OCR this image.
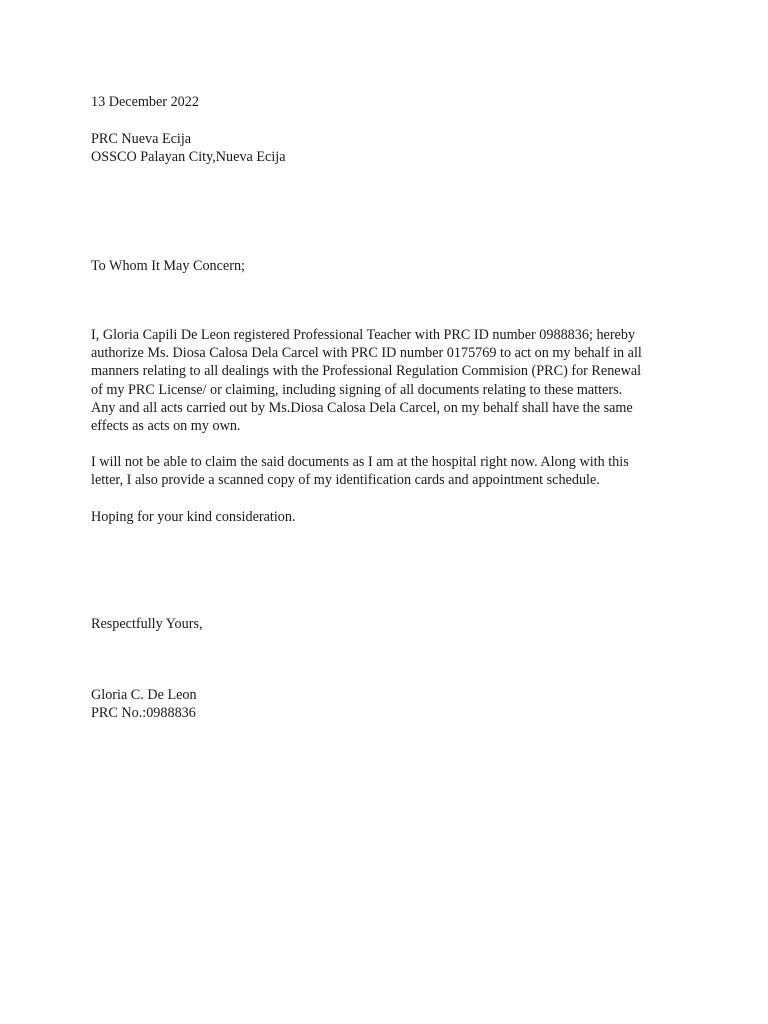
13 December 2022

PRC Nueva Ecija

OSSCO Palayan City,Nueva Ecija

To Whom It May Concern;

I, Gloria Capili De Leon registered Professional Teacher with PRC ID number 0988836; hereby
authorize Ms. Diosa Calosa Dela Carcel with PRC ID number 0175769 to act on my behalf in all
manners relating to all dealings with the Professional Regulation Commision (PRC) for Renewal
of my PRC License/ or claiming, including signing of all documents relating to these matters.
Any and all acts carried out by Ms.Diosa Calosa Dela Carcel, on my behalf shall have the same
effects as acts on my own.
I will not be able to claim the said documents as I am at the hospital right now. Along with this
letter, I also provide a scanned copy of my identification cards and appointment schedule.

Hoping for your kind consideration.

Respectfully Yours,

Gloria C. De Leon

PRC No.:0988836
